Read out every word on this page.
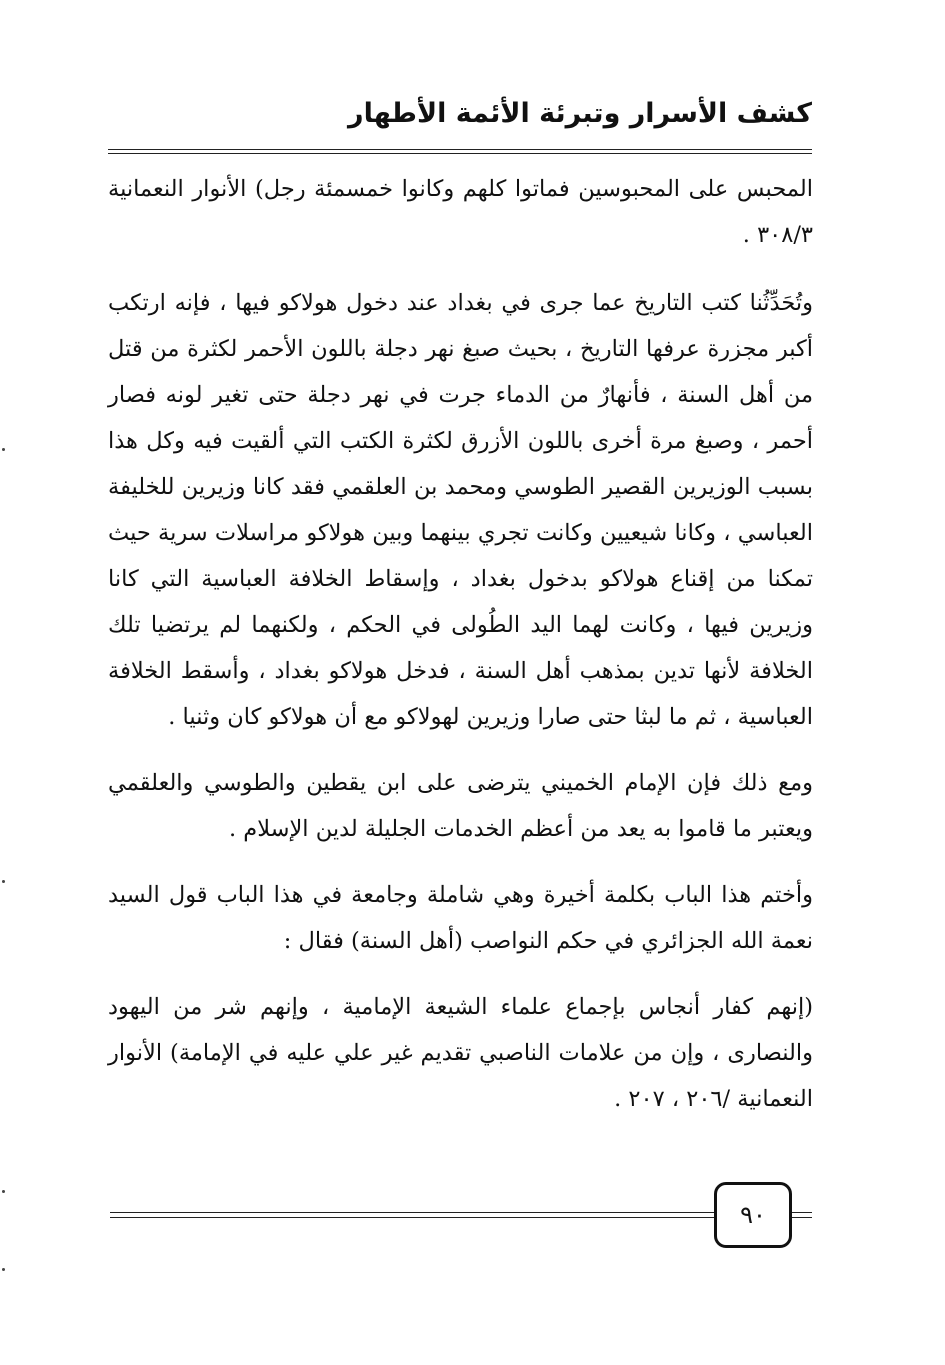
كشف الأسرار وتبرئة الأئمة الأطهار

المحبس على المحبوسين فماتوا كلهم وكانوا خمسمئة رجل) الأنوار النعمانية ٣٠٨/٣ .

وتُحَدِّثُنا كتب التاريخ عما جرى في بغداد عند دخول هولاكو فيها ، فإنه ارتكب أكبر مجزرة عرفها التاريخ ، بحيث صبغ نهر دجلة باللون الأحمر لكثرة من قتل من أهل السنة ، فأنهارٌ من الدماء جرت في نهر دجلة حتى تغير لونه فصار أحمر ، وصبغ مرة أخرى باللون الأزرق لكثرة الكتب التي ألقيت فيه وكل هذا بسبب الوزيرين القصير الطوسي ومحمد بن العلقمي فقد كانا وزيرين للخليفة العباسي ، وكانا شيعيين وكانت تجري بينهما وبين هولاكو مراسلات سرية حيث تمكنا من إقناع هولاكو بدخول بغداد ، وإسقاط الخلافة العباسية التي كانا وزيرين فيها ، وكانت لهما اليد الطُولى في الحكم ، ولكنهما لم يرتضيا تلك الخلافة لأنها تدين بمذهب أهل السنة ، فدخل هولاكو بغداد ، وأسقط الخلافة العباسية ، ثم ما لبثا حتى صارا وزيرين لهولاكو مع أن هولاكو كان وثنيا .

ومع ذلك فإن الإمام الخميني يترضى على ابن يقطين والطوسي والعلقمي ويعتبر ما قاموا به يعد من أعظم الخدمات الجليلة لدين الإسلام .

وأختم هذا الباب بكلمة أخيرة وهي شاملة وجامعة في هذا الباب قول السيد نعمة الله الجزائري في حكم النواصب (أهل السنة) فقال :

(إنهم كفار أنجاس بإجماع علماء الشيعة الإمامية ، وإنهم شر من اليهود والنصارى ، وإن من علامات الناصبي تقديم غير علي عليه في الإمامة) الأنوار النعمانية /٢٠٦ ، ٢٠٧ .

٩٠
